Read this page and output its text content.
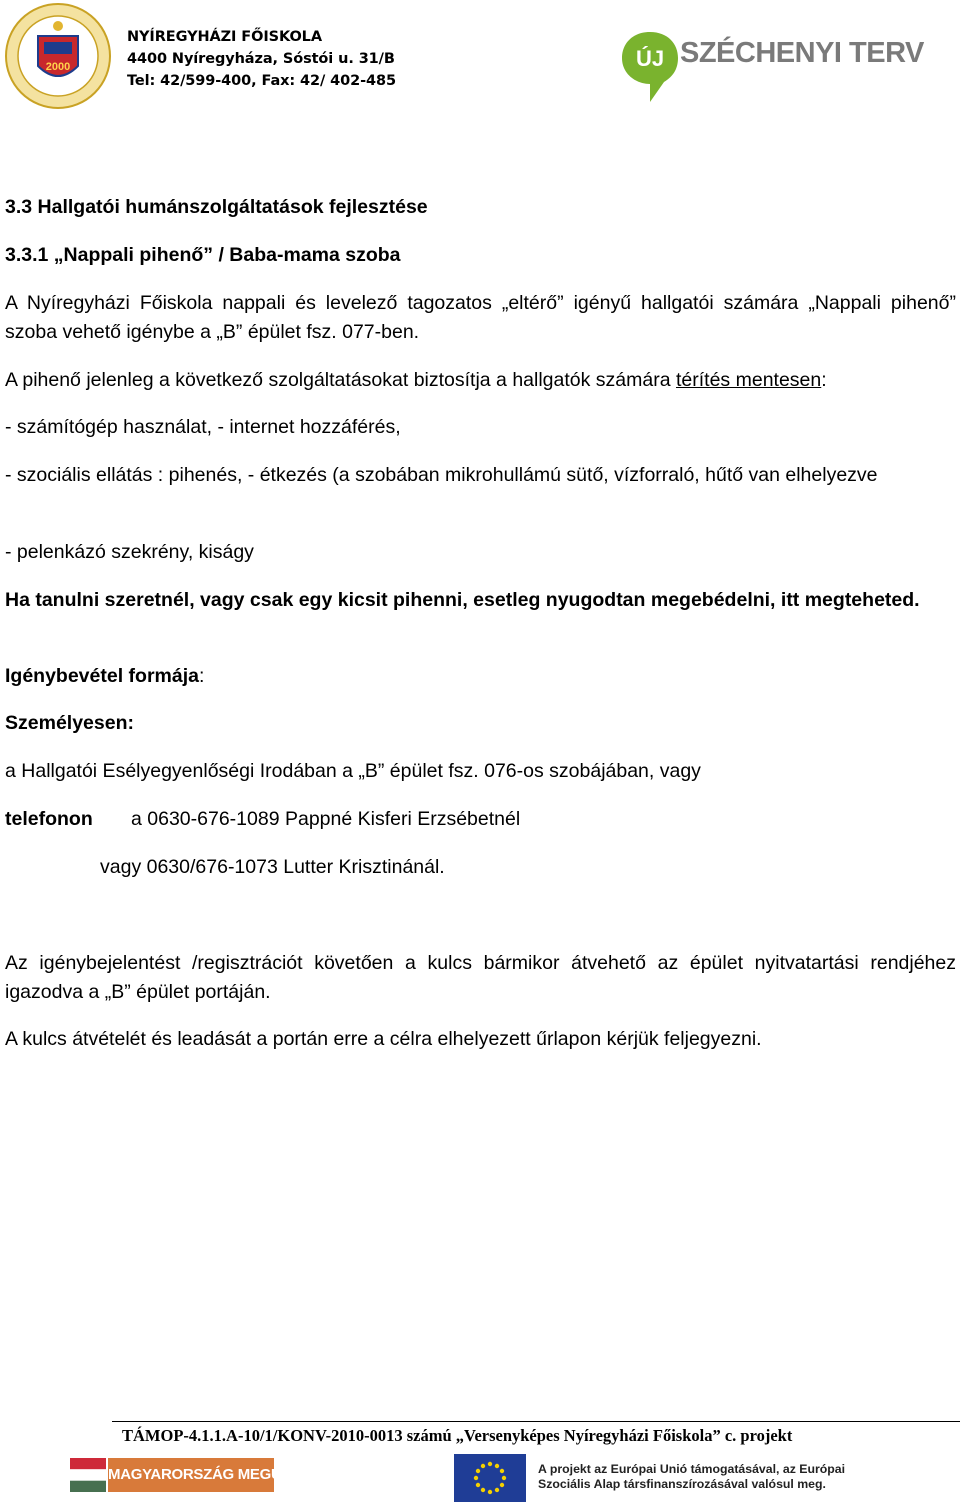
2000
NYÍREGYHÁZI FŐISKOLA
4400 Nyíregyháza, Sóstói u. 31/B
Tel: 42/599-400, Fax: 42/ 402-485
ÚJ SZÉCHENYI TERV
3.3 Hallgatói humánszolgáltatások fejlesztése
3.3.1 „Nappali pihenő” / Baba-mama szoba
A Nyíregyházi Főiskola nappali és levelező tagozatos „eltérő” igényű hallgatói számára „Nappali pihenő” szoba vehető igénybe a „B” épület fsz. 077-ben.
A pihenő jelenleg a következő szolgáltatásokat biztosítja a hallgatók számára térítés mentesen:
- számítógép használat, - internet hozzáférés,
- szociális ellátás : pihenés, - étkezés (a szobában mikrohullámú sütő, vízforraló, hűtő van elhelyezve
- pelenkázó szekrény, kiságy
Ha tanulni szeretnél, vagy csak egy kicsit pihenni, esetleg nyugodtan megebédelni, itt megteheted.
Igénybevétel formája:
Személyesen:
a Hallgatói Esélyegyenlőségi Irodában a „B” épület fsz. 076-os szobájában, vagy
telefonon	a 0630-676-1089 Pappné Kisferi Erzsébetnél
vagy 0630/676-1073 Lutter Krisztinánál.
Az igénybejelentést /regisztrációt követően a kulcs bármikor átvehető az épület nyitvatartási rendjéhez igazodva a „B” épület portáján.
A kulcs átvételét és leadását a portán erre a célra elhelyezett űrlapon kérjük feljegyezni.
TÁMOP-4.1.1.A-10/1/KONV-2010-0013 számú „Versenyképes Nyíregyházi Főiskola” c. projekt
MAGYARORSZÁG MEGÚJUL	A projekt az Európai Unió támogatásával, az Európai
Szociális Alap társfinanszírozásával valósul meg.
